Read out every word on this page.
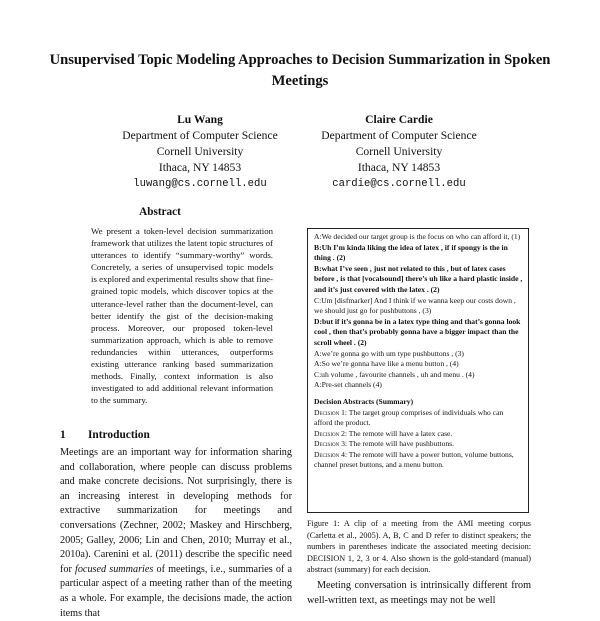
Unsupervised Topic Modeling Approaches to Decision Summarization in Spoken Meetings
Lu Wang
Department of Computer Science
Cornell University
Ithaca, NY 14853
luwang@cs.cornell.edu
Claire Cardie
Department of Computer Science
Cornell University
Ithaca, NY 14853
cardie@cs.cornell.edu
Abstract
We present a token-level decision summarization framework that utilizes the latent topic structures of utterances to identify “summary-worthy” words. Concretely, a series of unsupervised topic models is explored and experimental results show that fine-grained topic models, which discover topics at the utterance-level rather than the document-level, can better identify the gist of the decision-making process. Moreover, our proposed token-level summarization approach, which is able to remove redundancies within utterances, outperforms existing utterance ranking based summarization methods. Finally, context information is also investigated to add additional relevant information to the summary.
1 Introduction

Meetings are an important way for information sharing and collaboration, where people can discuss problems and make concrete decisions. Not surprisingly, there is an increasing interest in developing methods for extractive summarization for meetings and conversations (Zechner, 2002; Maskey and Hirschberg, 2005; Galley, 2006; Lin and Chen, 2010; Murray et al., 2010a). Carenini et al. (2011) describe the specific need for focused summaries of meetings, i.e., summaries of a particular aspect of a meeting rather than of the meeting as a whole. For example, the decisions made, the action items that

A:We decided our target group is the focus on who can afford it, (1)
B:Uh I’m kinda liking the idea of latex , if if spongy is the in thing . (2)
B:what I’ve seen , just not related to this , but of latex cases before , is that [vocalsound] there’s uh like a hard plastic inside , and it’s just covered with the latex . (2)
C:Um [disfmarker] And I think if we wanna keep our costs down , we should just go for pushbuttons , (3)
D:but if it’s gonna be in a latex type thing and that’s gonna look cool , then that’s probably gonna have a bigger impact than the scroll wheel . (2)
A:we’re gonna go with um type pushbuttons , (3)
A:So we’re gonna have like a menu button , (4)
C:uh volume , favourite channels , uh and menu . (4)
A:Pre-set channels (4)
Decision Abstracts (Summary)
Decision 1: The target group comprises of individuals who can afford the product.
Decision 2: The remote will have a latex case.
Decision 3: The remote will have pushbuttons.
Decision 4: The remote will have a power button, volume buttons, channel preset buttons, and a menu button.
Figure 1: A clip of a meeting from the AMI meeting corpus (Carletta et al., 2005). A, B, C and D refer to distinct speakers; the numbers in parentheses indicate the associated meeting decision: DECISION 1, 2, 3 or 4. Also shown is the gold-standard (manual) abstract (summary) for each decision.

Meeting conversation is intrinsically different from well-written text, as meetings may not be well
